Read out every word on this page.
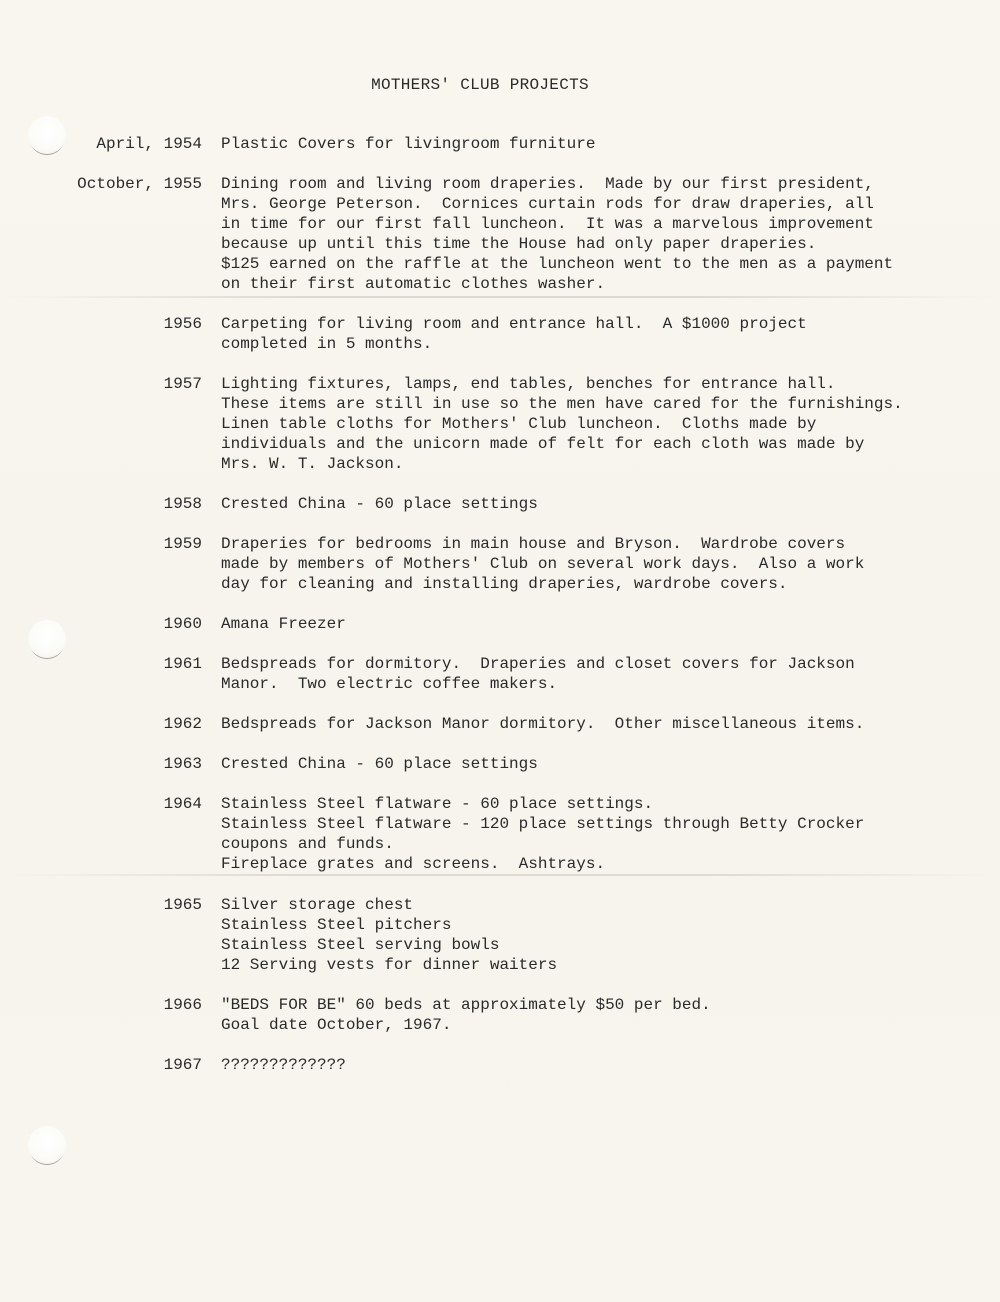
MOTHERS' CLUB PROJECTS
April, 1954 Plastic Covers for livingroom furniture
October, 1955 Dining room and living room draperies.  Made by our first president,
Mrs. George Peterson.  Cornices curtain rods for draw draperies, all
in time for our first fall luncheon.  It was a marvelous improvement
because up until this time the House had only paper draperies.
$125 earned on the raffle at the luncheon went to the men as a payment
on their first automatic clothes washer.
1956 Carpeting for living room and entrance hall.  A $1000 project
completed in 5 months.
1957 Lighting fixtures, lamps, end tables, benches for entrance hall.
These items are still in use so the men have cared for the furnishings.
Linen table cloths for Mothers' Club luncheon.  Cloths made by
individuals and the unicorn made of felt for each cloth was made by
Mrs. W. T. Jackson.
1958 Crested China - 60 place settings
1959 Draperies for bedrooms in main house and Bryson.  Wardrobe covers
made by members of Mothers' Club on several work days.  Also a work
day for cleaning and installing draperies, wardrobe covers.
1960 Amana Freezer
1961 Bedspreads for dormitory.  Draperies and closet covers for Jackson
Manor.  Two electric coffee makers.
1962 Bedspreads for Jackson Manor dormitory.  Other miscellaneous items.
1963 Crested China - 60 place settings
1964 Stainless Steel flatware - 60 place settings.
Stainless Steel flatware - 120 place settings through Betty Crocker
coupons and funds.
Fireplace grates and screens.  Ashtrays.
1965 Silver storage chest
Stainless Steel pitchers
Stainless Steel serving bowls
12 Serving vests for dinner waiters
1966 "BEDS FOR BE" 60 beds at approximately $50 per bed.
Goal date October, 1967.
1967 ?????????????
